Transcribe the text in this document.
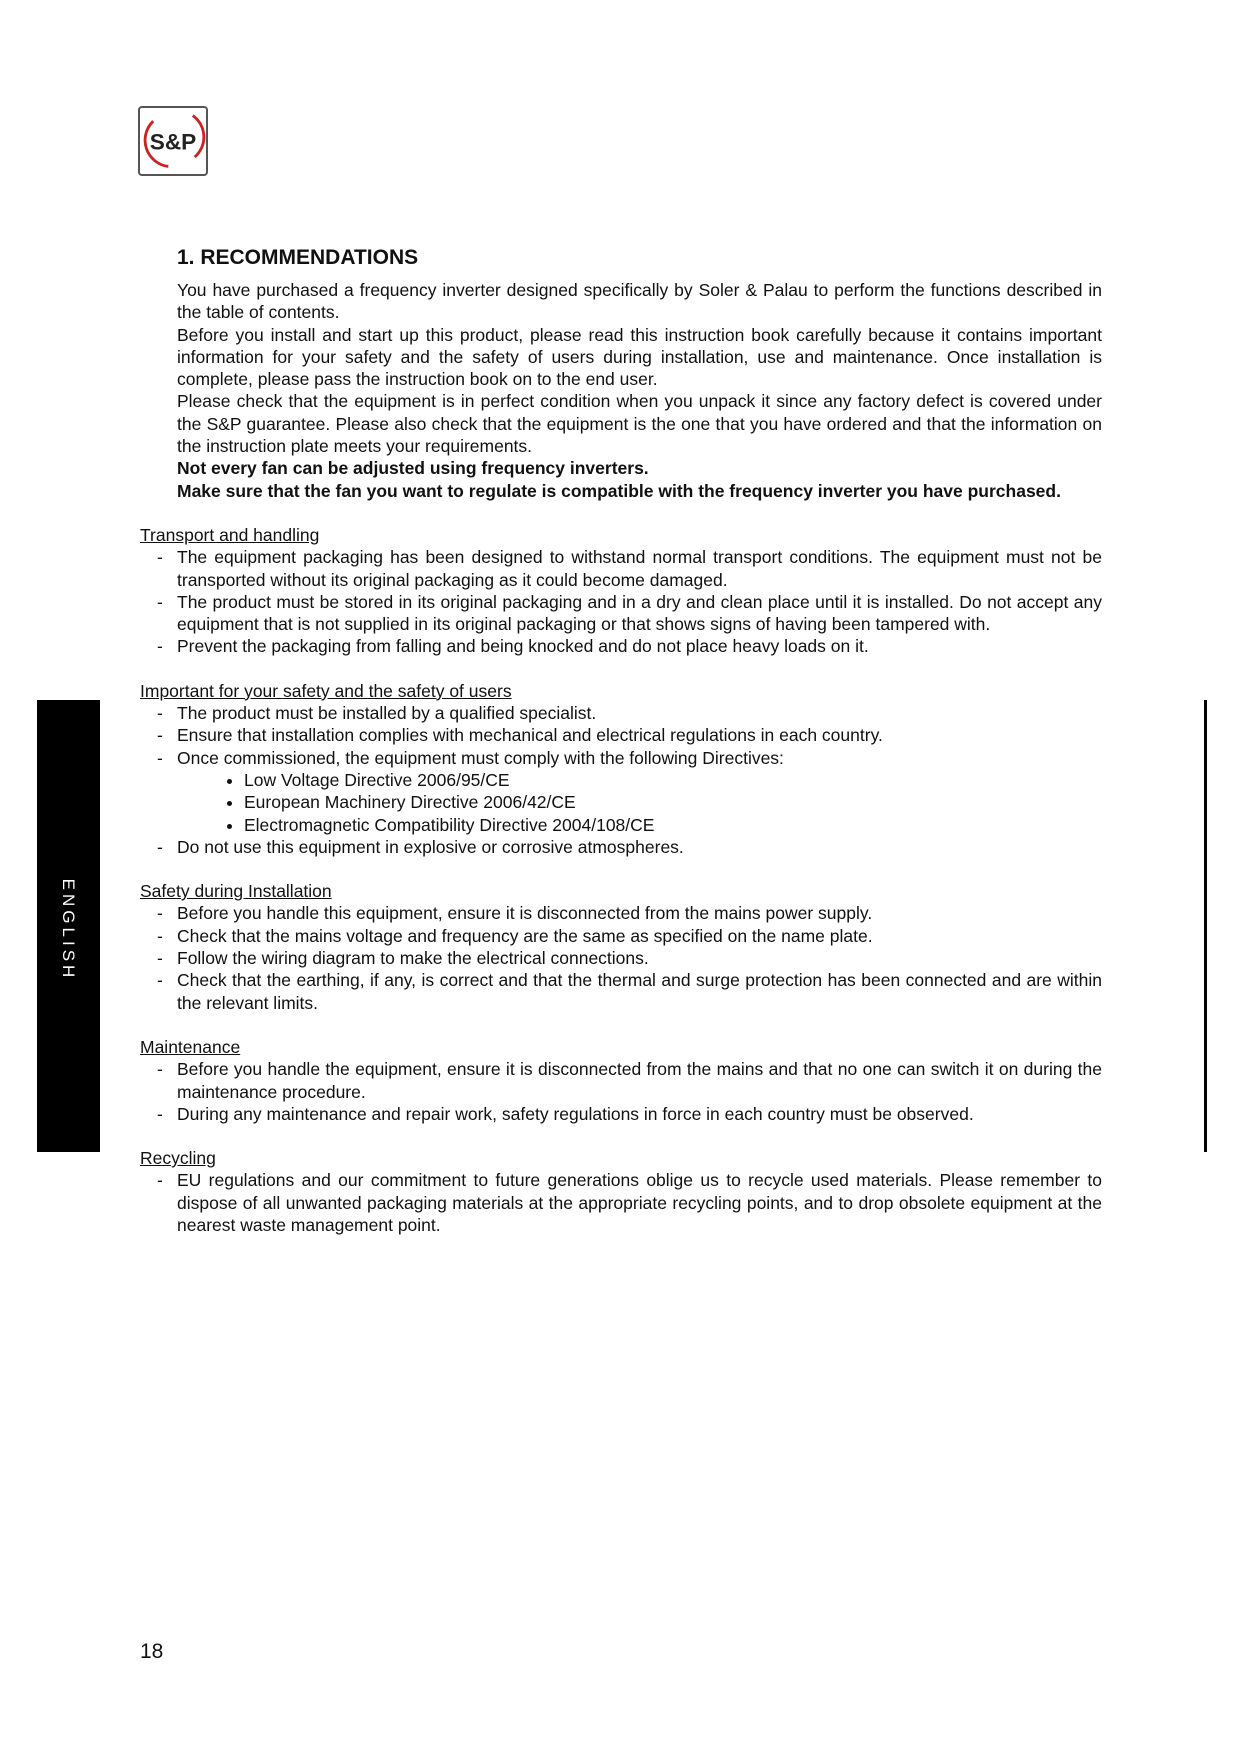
S&P
ENGLISH
1. RECOMMENDATIONS

You have purchased a frequency inverter designed specifically by Soler & Palau to perform the functions described in the table of contents.

Before you install and start up this product, please read this instruction book carefully because it contains important information for your safety and the safety of users during installation, use and maintenance. Once installation is complete, please pass the instruction book on to the end user.

Please check that the equipment is in perfect condition when you unpack it since any factory defect is covered under the S&P guarantee. Please also check that the equipment is the one that you have ordered and that the information on the instruction plate meets your requirements.

Not every fan can be adjusted using frequency inverters.

Make sure that the fan you want to regulate is compatible with the frequency inverter you have purchased.

Transport and handling

- The equipment packaging has been designed to withstand normal transport conditions. The equipment must not be transported without its original packaging as it could become damaged.
- The product must be stored in its original packaging and in a dry and clean place until it is installed. Do not accept any equipment that is not supplied in its original packaging or that shows signs of having been tampered with.
- Prevent the packaging from falling and being knocked and do not place heavy loads on it.

Important for your safety and the safety of users

- The product must be installed by a qualified specialist.
- Ensure that installation complies with mechanical and electrical regulations in each country.
- Once commissioned, the equipment must comply with the following Directives:
• Low Voltage Directive 2006/95/CE
• European Machinery Directive 2006/42/CE
• Electromagnetic Compatibility Directive 2004/108/CE
- Do not use this equipment in explosive or corrosive atmospheres.

Safety during Installation

- Before you handle this equipment, ensure it is disconnected from the mains power supply.
- Check that the mains voltage and frequency are the same as specified on the name plate.
- Follow the wiring diagram to make the electrical connections.
- Check that the earthing, if any, is correct and that the thermal and surge protection has been connected and are within the relevant limits.

Maintenance

- Before you handle the equipment, ensure it is disconnected from the mains and that no one can switch it on during the maintenance procedure.
- During any maintenance and repair work, safety regulations in force in each country must be observed.

Recycling

- EU regulations and our commitment to future generations oblige us to recycle used materials. Please remember to dispose of all unwanted packaging materials at the appropriate recycling points, and to drop obsolete equipment at the nearest waste management point.
18
